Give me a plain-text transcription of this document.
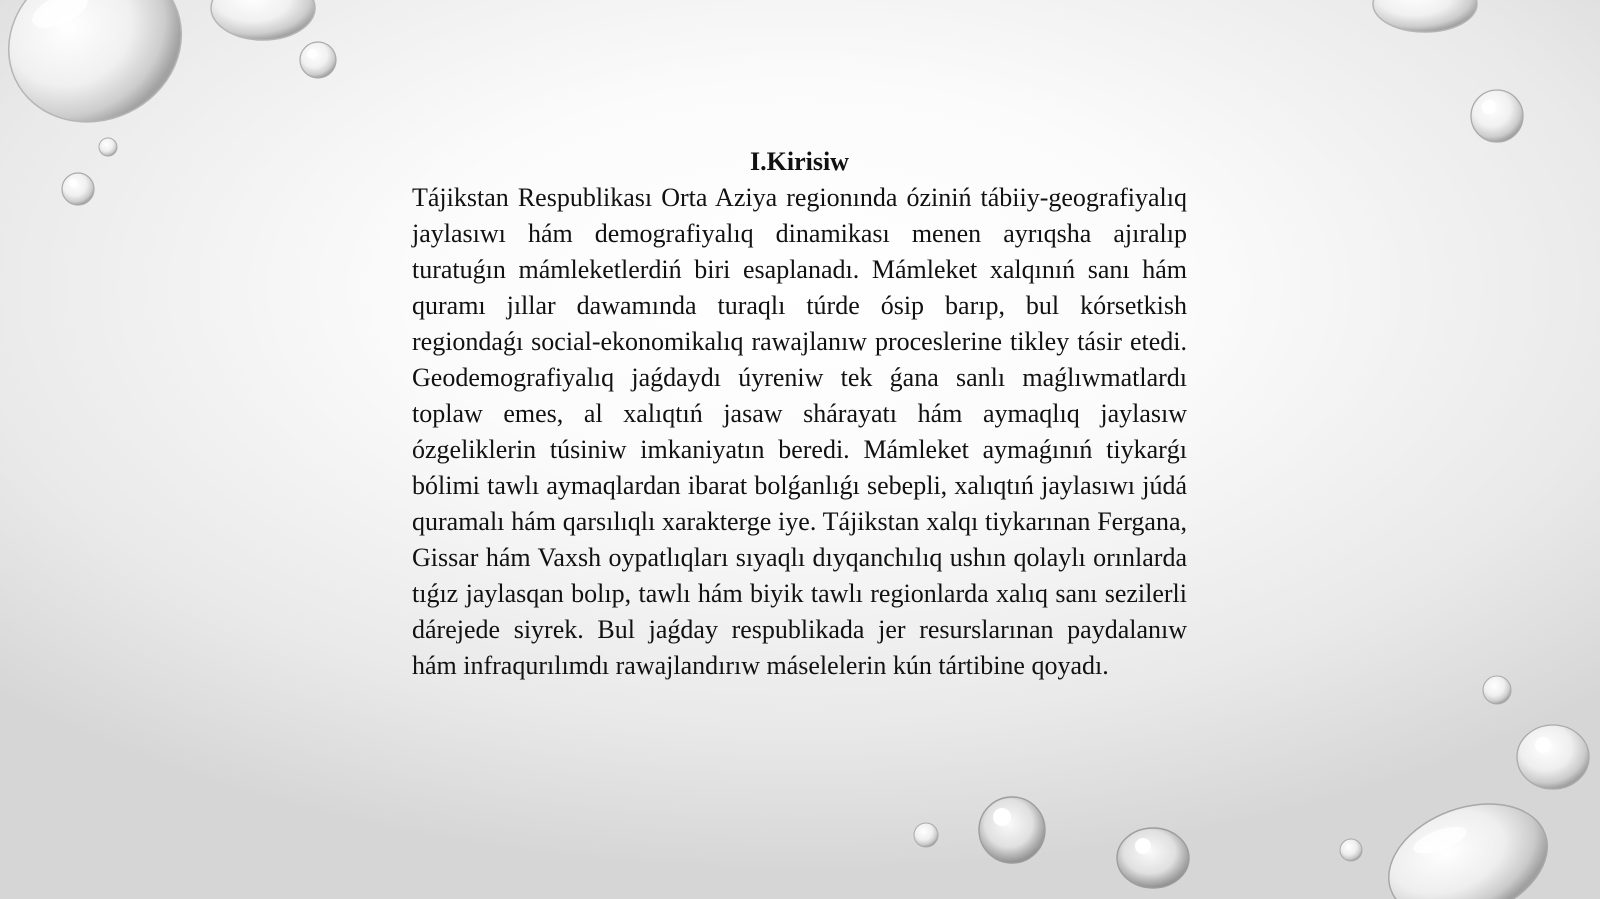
I.Kirisiw

Tájikstan Respublikası Orta Aziya regionında óziniń tábiiy-geografiyalıq jaylasıwı hám demografiyalıq dinamikası menen ayrıqsha ajıralıp turatuǵın mámleketlerdiń biri esaplanadı. Mámleket xalqınıń sanı hám quramı jıllar dawamında turaqlı túrde ósip barıp, bul kórsetkish regiondaǵı social-ekonomikalıq rawajlanıw proceslerine tikley tásir etedi. Geodemografiyalıq jaǵdaydı úyreniw tek ǵana sanlı maǵlıwmatlardı toplaw emes, al xalıqtıń jasaw shárayatı hám aymaqlıq jaylasıw ózgeliklerin túsiniw imkaniyatın beredi. Mámleket aymaǵınıń tiykarǵı bólimi tawlı aymaqlardan ibarat bolǵanlıǵı sebepli, xalıqtıń jaylasıwı júdá quramalı hám qarsılıqlı xarakterge iye. Tájikstan xalqı tiykarınan Fergana, Gissar hám Vaxsh oypatlıqları sıyaqlı dıyqanchılıq ushın qolaylı orınlarda tıǵız jaylasqan bolıp, tawlı hám biyik tawlı regionlarda xalıq sanı sezilerli dárejede siyrek. Bul jaǵday respublikada jer resurslarınan paydalanıw hám infraqurılımdı rawajlandırıw máselelerin kún tártibine qoyadı.
